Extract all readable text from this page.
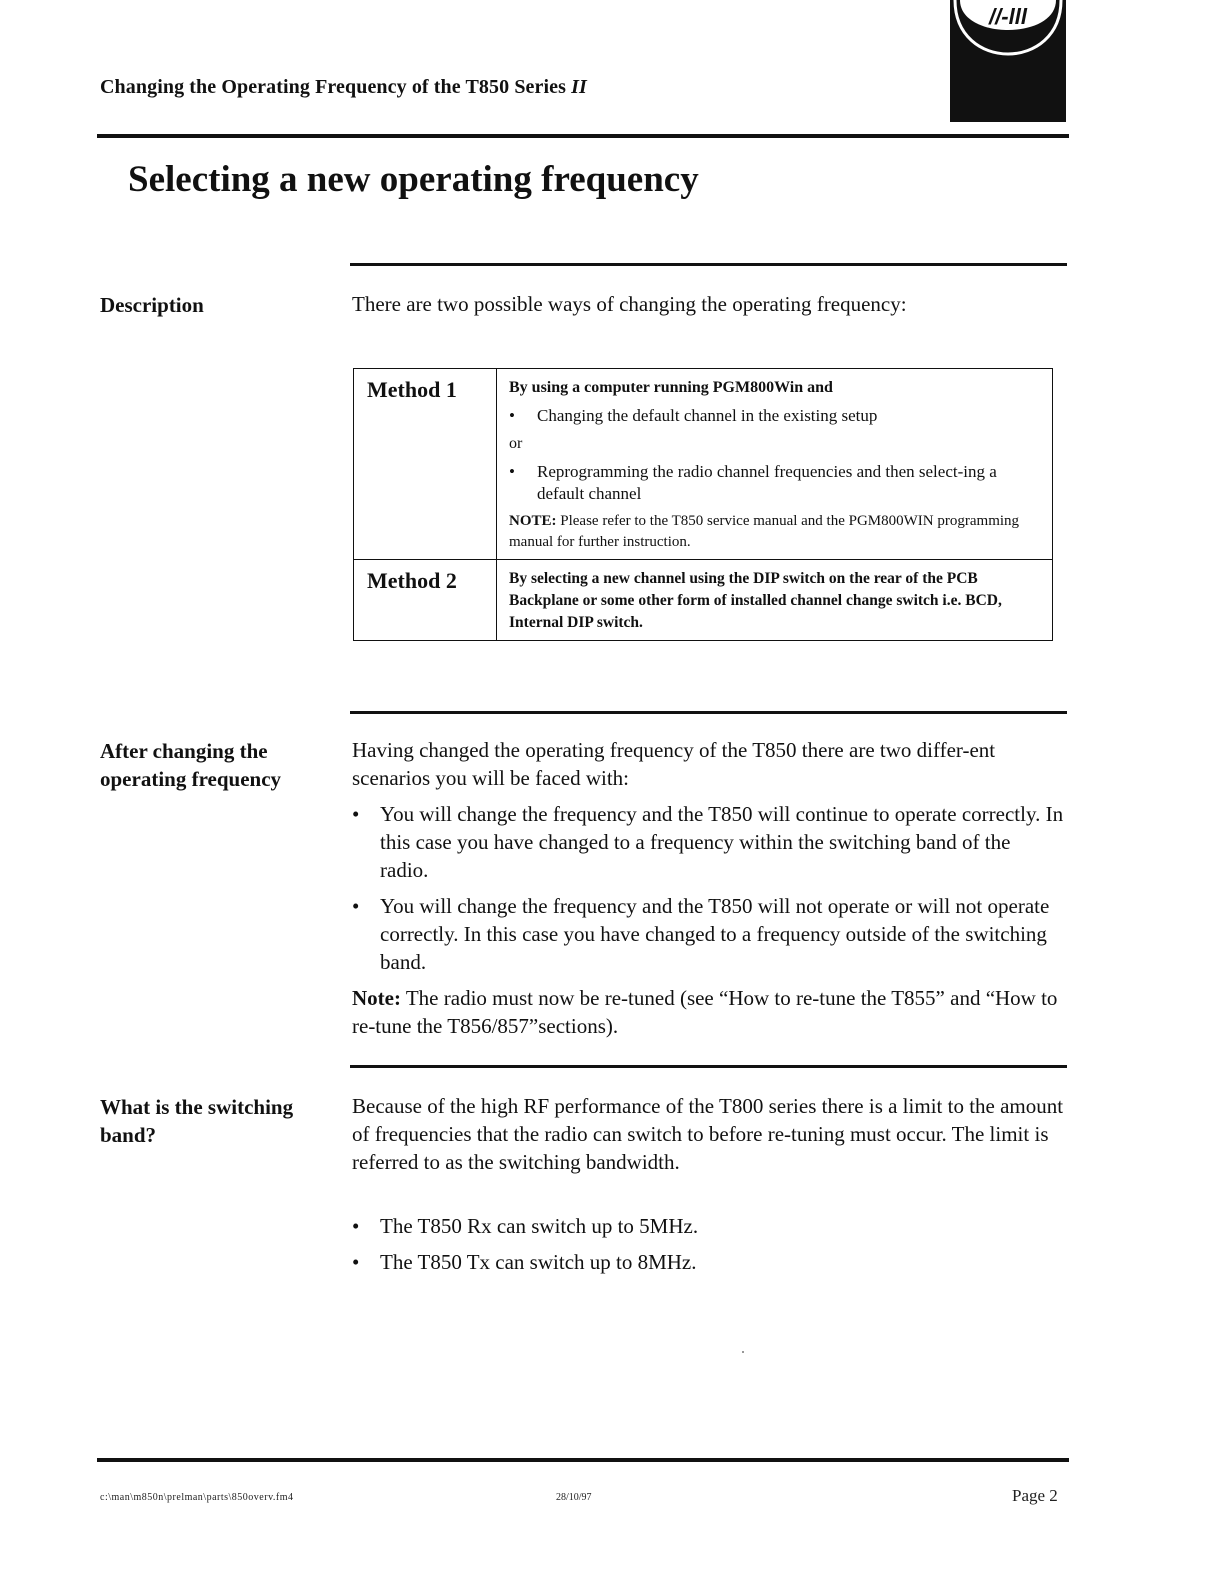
Changing the Operating Frequency of the T850 Series II
//-lll
Selecting a new operating frequency
Description	There are two possible ways of changing the operating frequency:

Method 1	By using a computer running PGM800Win and
• Changing the default channel in the existing setup
or
• Reprogramming the radio channel frequencies and then select-ing a default channel
NOTE: Please refer to the T850 service manual and the PGM800WIN programming manual for further instruction.
Method 2	By selecting a new channel using the DIP switch on the rear of the PCB Backplane or some other form of installed channel change switch i.e. BCD, Internal DIP switch.
After changing the operating frequency

Having changed the operating frequency of the T850 there are two differ-ent scenarios you will be faced with:

• You will change the frequency and the T850 will continue to operate correctly. In this case you have changed to a frequency within the switching band of the radio.

• You will change the frequency and the T850 will not operate or will not operate correctly. In this case you have changed to a frequency outside of the switching band.

Note: The radio must now be re-tuned (see “How to re-tune the T855” and “How to re-tune the T856/857”sections).

What is the switching band?

Because of the high RF performance of the T800 series there is a limit to the amount of frequencies that the radio can switch to before re-tuning must occur. The limit is referred to as the switching bandwidth.

• The T850 Rx can switch up to 5MHz.

• The T850 Tx can switch up to 8MHz.

c:\man\m850n\prelman\parts\850overv.fm4	28/10/97	Page 2
